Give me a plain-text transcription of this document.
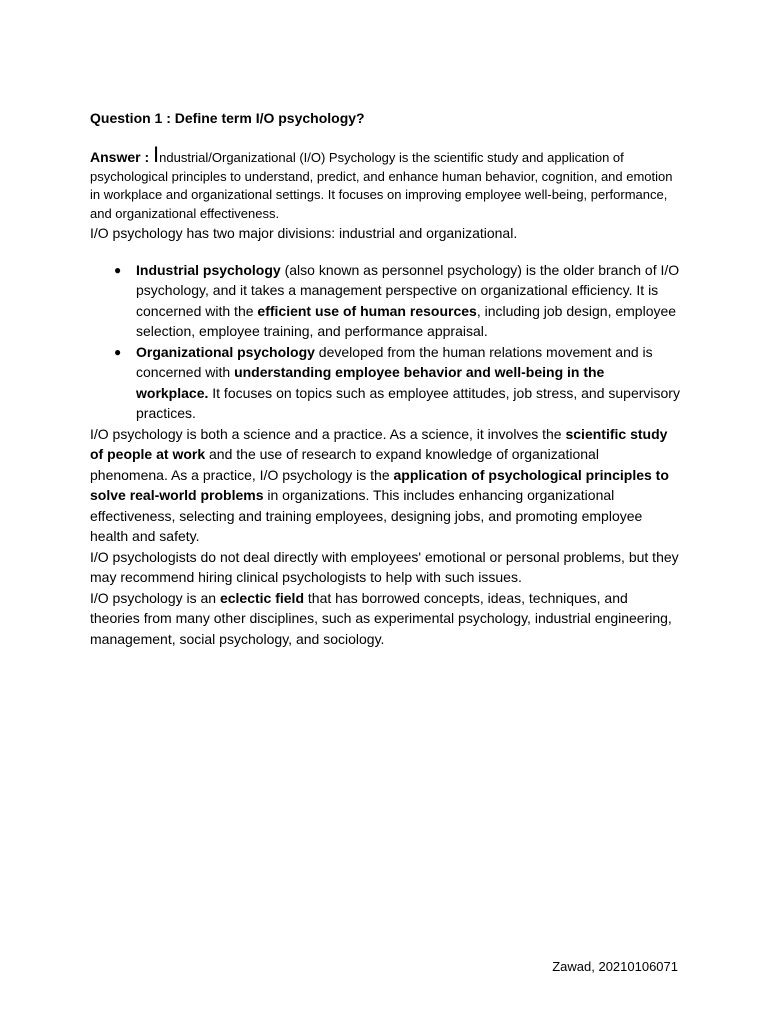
Question 1 : Define term I/O psychology?

Answer : Industrial/Organizational (I/O) Psychology is the scientific study and application of psychological principles to understand, predict, and enhance human behavior, cognition, and emotion in workplace and organizational settings. It focuses on improving employee well-being, performance, and organizational effectiveness.

I/O psychology has two major divisions: industrial and organizational.

● Industrial psychology (also known as personnel psychology) is the older branch of I/O psychology, and it takes a management perspective on organizational efficiency. It is concerned with the efficient use of human resources, including job design, employee selection, employee training, and performance appraisal.
● Organizational psychology developed from the human relations movement and is concerned with understanding employee behavior and well-being in the workplace. It focuses on topics such as employee attitudes, job stress, and supervisory practices.

I/O psychology is both a science and a practice. As a science, it involves the scientific study of people at work and the use of research to expand knowledge of organizational phenomena. As a practice, I/O psychology is the application of psychological principles to solve real-world problems in organizations. This includes enhancing organizational effectiveness, selecting and training employees, designing jobs, and promoting employee health and safety.

I/O psychologists do not deal directly with employees' emotional or personal problems, but they may recommend hiring clinical psychologists to help with such issues.

I/O psychology is an eclectic field that has borrowed concepts, ideas, techniques, and theories from many other disciplines, such as experimental psychology, industrial engineering, management, social psychology, and sociology.

Zawad, 20210106071
